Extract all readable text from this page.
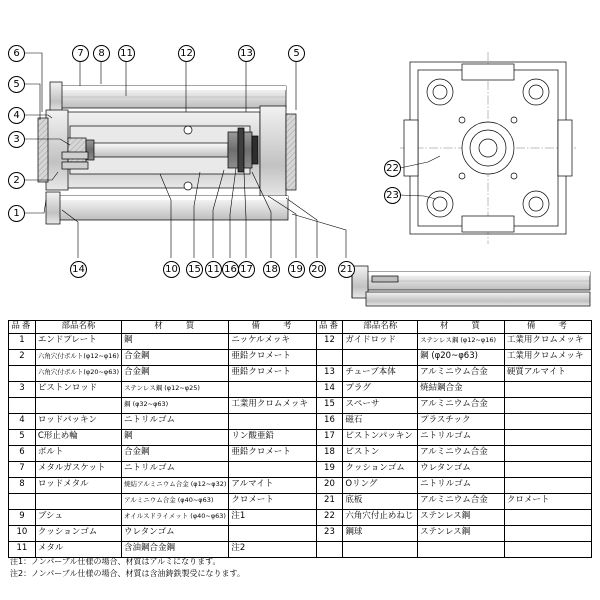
6
5
4
3
2
1
7	8	11	12	13	5
14	10 15 11 16 17 18 19 20 21
22
23
品番	部品名称	材　　質	備　　考	品番	部品名称	材　　質	備　　考
1	エンドプレート	鋼	ニッケルメッキ	12	ガイドロッド	ステンレス鋼 (φ12~φ16)	工業用クロムメッキ
2	六角穴付ボルト(φ12~φ16)	合金鋼	亜鉛クロメート			鋼 (φ20~φ63)	工業用クロムメッキ
	六角穴付ボルト(φ20~φ63)	合金鋼	亜鉛クロメート	13	チューブ本体	アルミニウム合金	硬質アルマイト
3	ピストンロッド	ステンレス鋼 (φ12~φ25)		14	プラグ	焼結鋼合金	
		鋼 (φ32~φ63)	工業用クロムメッキ	15	スペーサ	アルミニウム合金	
4	ロッドパッキン	ニトリルゴム		16	磁石	プラスチック	
5	C形止め輪	鋼	リン酸亜鉛	17	ピストンパッキン	ニトリルゴム	
6	ボルト	合金鋼	亜鉛クロメート	18	ピストン	アルミニウム合金	
7	メタルガスケット	ニトリルゴム		19	クッションゴム	ウレタンゴム	
8	ロッドメタル	焼結アルミニウム合金 (φ12~φ32)	アルマイト	20	Oリング	ニトリルゴム	
		アルミニウム合金 (φ40~φ63)	クロメート	21	底板	アルミニウム合金	クロメート
9	ブシュ	オイルスドライメット (φ40~φ63)	注1	22	六角穴付止めねじ	ステンレス鋼	
10	クッションゴム	ウレタンゴム		23	鋼球	ステンレス鋼	
11	メタル	含油鋼合金鋼	注2				
注1：ノンパーブル仕様の場合、材質はアルミになります。
注2：ノンパーブル仕様の場合、材質は含油鋳鉄製受になります。
